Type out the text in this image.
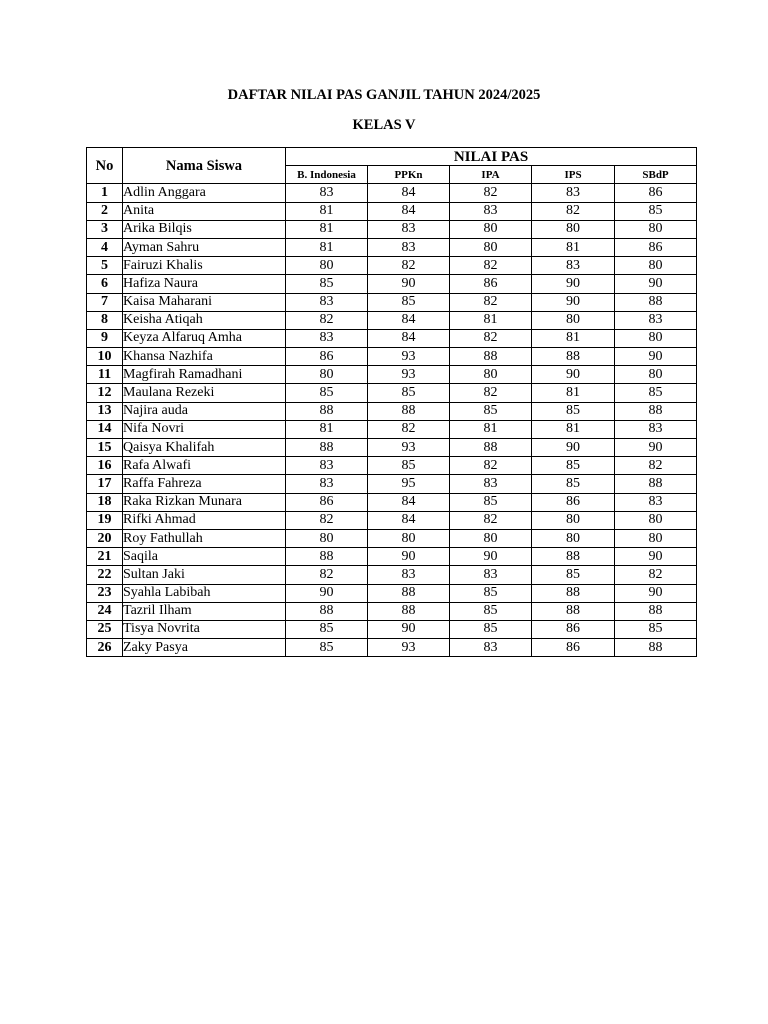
DAFTAR NILAI PAS GANJIL TAHUN 2024/2025
KELAS V
No	Nama Siswa	NILAI PAS				
		B. Indonesia	PPKn	IPA	IPS	SBdP
1	Adlin Anggara	83	84	82	83	86
2	Anita	81	84	83	82	85
3	Arika Bilqis	81	83	80	80	80
4	Ayman Sahru	81	83	80	81	86
5	Fairuzi Khalis	80	82	82	83	80
6	Hafiza Naura	85	90	86	90	90
7	Kaisa Maharani	83	85	82	90	88
8	Keisha Atiqah	82	84	81	80	83
9	Keyza Alfaruq Amha	83	84	82	81	80
10	Khansa Nazhifa	86	93	88	88	90
11	Magfirah Ramadhani	80	93	80	90	80
12	Maulana Rezeki	85	85	82	81	85
13	Najira auda	88	88	85	85	88
14	Nifa Novri	81	82	81	81	83
15	Qaisya Khalifah	88	93	88	90	90
16	Rafa Alwafi	83	85	82	85	82
17	Raffa Fahreza	83	95	83	85	88
18	Raka Rizkan Munara	86	84	85	86	83
19	Rifki Ahmad	82	84	82	80	80
20	Roy Fathullah	80	80	80	80	80
21	Saqila	88	90	90	88	90
22	Sultan Jaki	82	83	83	85	82
23	Syahla Labibah	90	88	85	88	90
24	Tazril Ilham	88	88	85	88	88
25	Tisya Novrita	85	90	85	86	85
26	Zaky Pasya	85	93	83	86	88
